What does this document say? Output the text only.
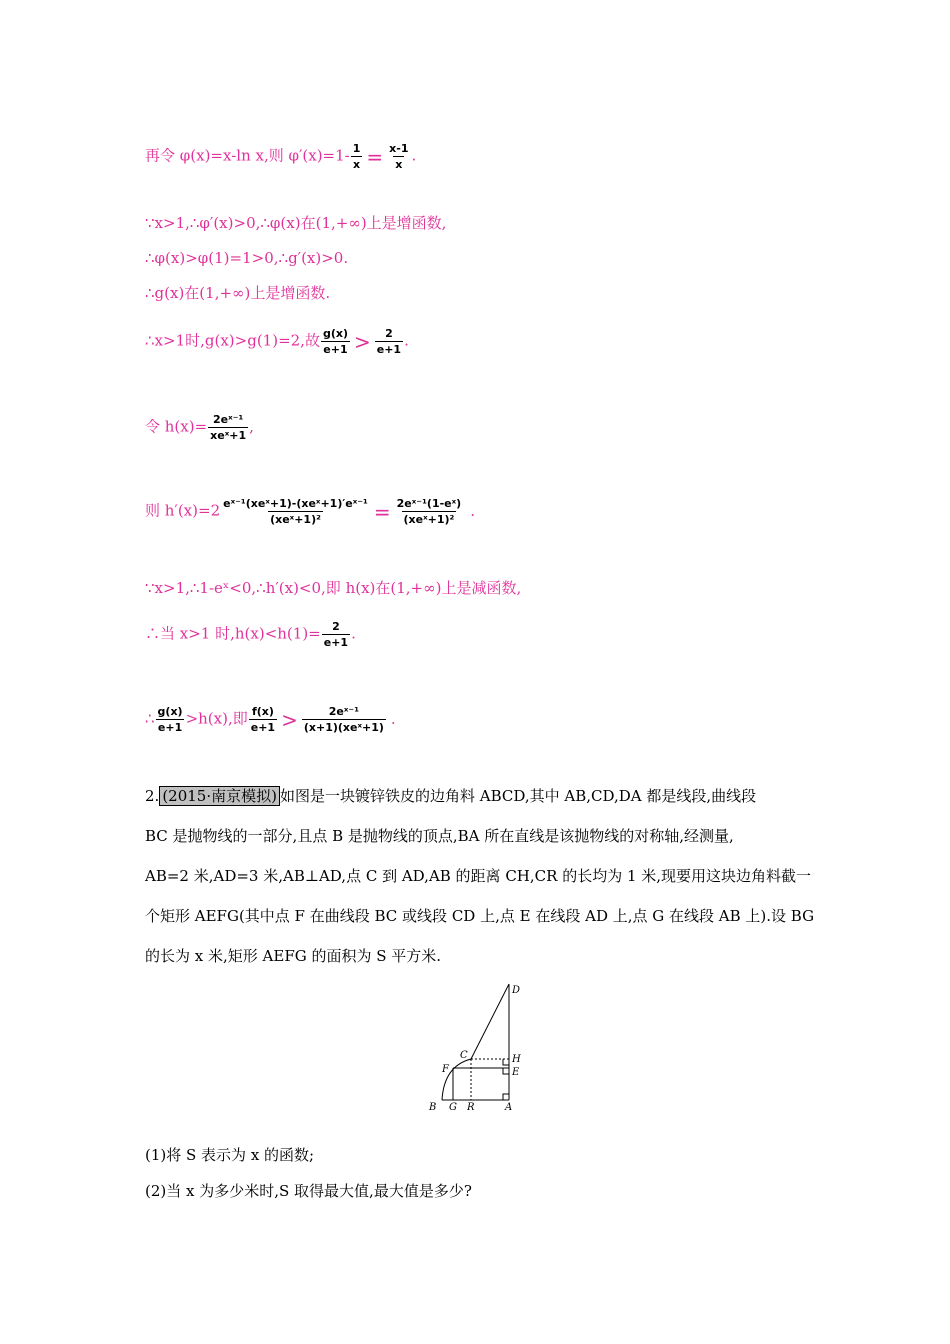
再令 φ(x)=x-ln x,则 $\varphi'(x)=1- \frac{1}{x} = \frac{x-1}{x}$ .
∵x>1,∴φ′(x)>0,∴φ(x)在(1,+∞)上是增函数,
∴φ(x)>φ(1)=1>0,∴g′(x)>0.
∴g(x)在(1,+∞)上是增函数.
∴x>1时,g(x)>g(1)=2,故 $\frac{g(x)}{e+1} > \frac{2}{e+1}$ .
令 $h(x)= \frac{\text{2eˣ⁻¹}}{\text{xeˣ+1}}$ ,
则 $h'(x)=2 \frac{\text{eˣ⁻¹(xeˣ+1)-(xeˣ+1)′eˣ⁻¹}}{\text{(xeˣ+1)²}} = \frac{\text{2eˣ⁻¹(1-eˣ)}}{\text{(xeˣ+1)²}}$ .
∵x>1,∴1-eˣ<0,∴h′(x)<0,即 h(x)在(1,+∞)上是减函数,
∴当 x>1 时$,h(x)<h(1)= \frac{2}{e+1}$ .
∴ $\frac{g(x)}{e+1} >h(x)$,即 $\frac{f(x)}{e+1} > \frac{\text{2eˣ⁻¹}}{\text{(x+1)(xeˣ+1)}}$ .
2. (2015·南京模拟) 如图是一块镀锌铁皮的边角料 ABCD,其中 AB,CD,DA 都是线段,曲线段
BC 是抛物线的一部分,且点 B 是抛物线的顶点,BA 所在直线是该抛物线的对称轴,经测量,
AB=2 米,AD=3 米,AB⊥AD,点 C 到 AD,AB 的距离 CH,CR 的长均为 1 米,现要用这块边角料截一
个矩形 AEFG(其中点 F 在曲线段 BC 或线段 CD 上,点 E 在线段 AD 上,点 G 在线段 AB 上).设 BG
的长为 x 米,矩形 AEFG 的面积为 S 平方米.
D
C	H
F	E
B G R	A
(1)将 S 表示为 x 的函数;
(2)当 x 为多少米时,S 取得最大值,最大值是多少?
